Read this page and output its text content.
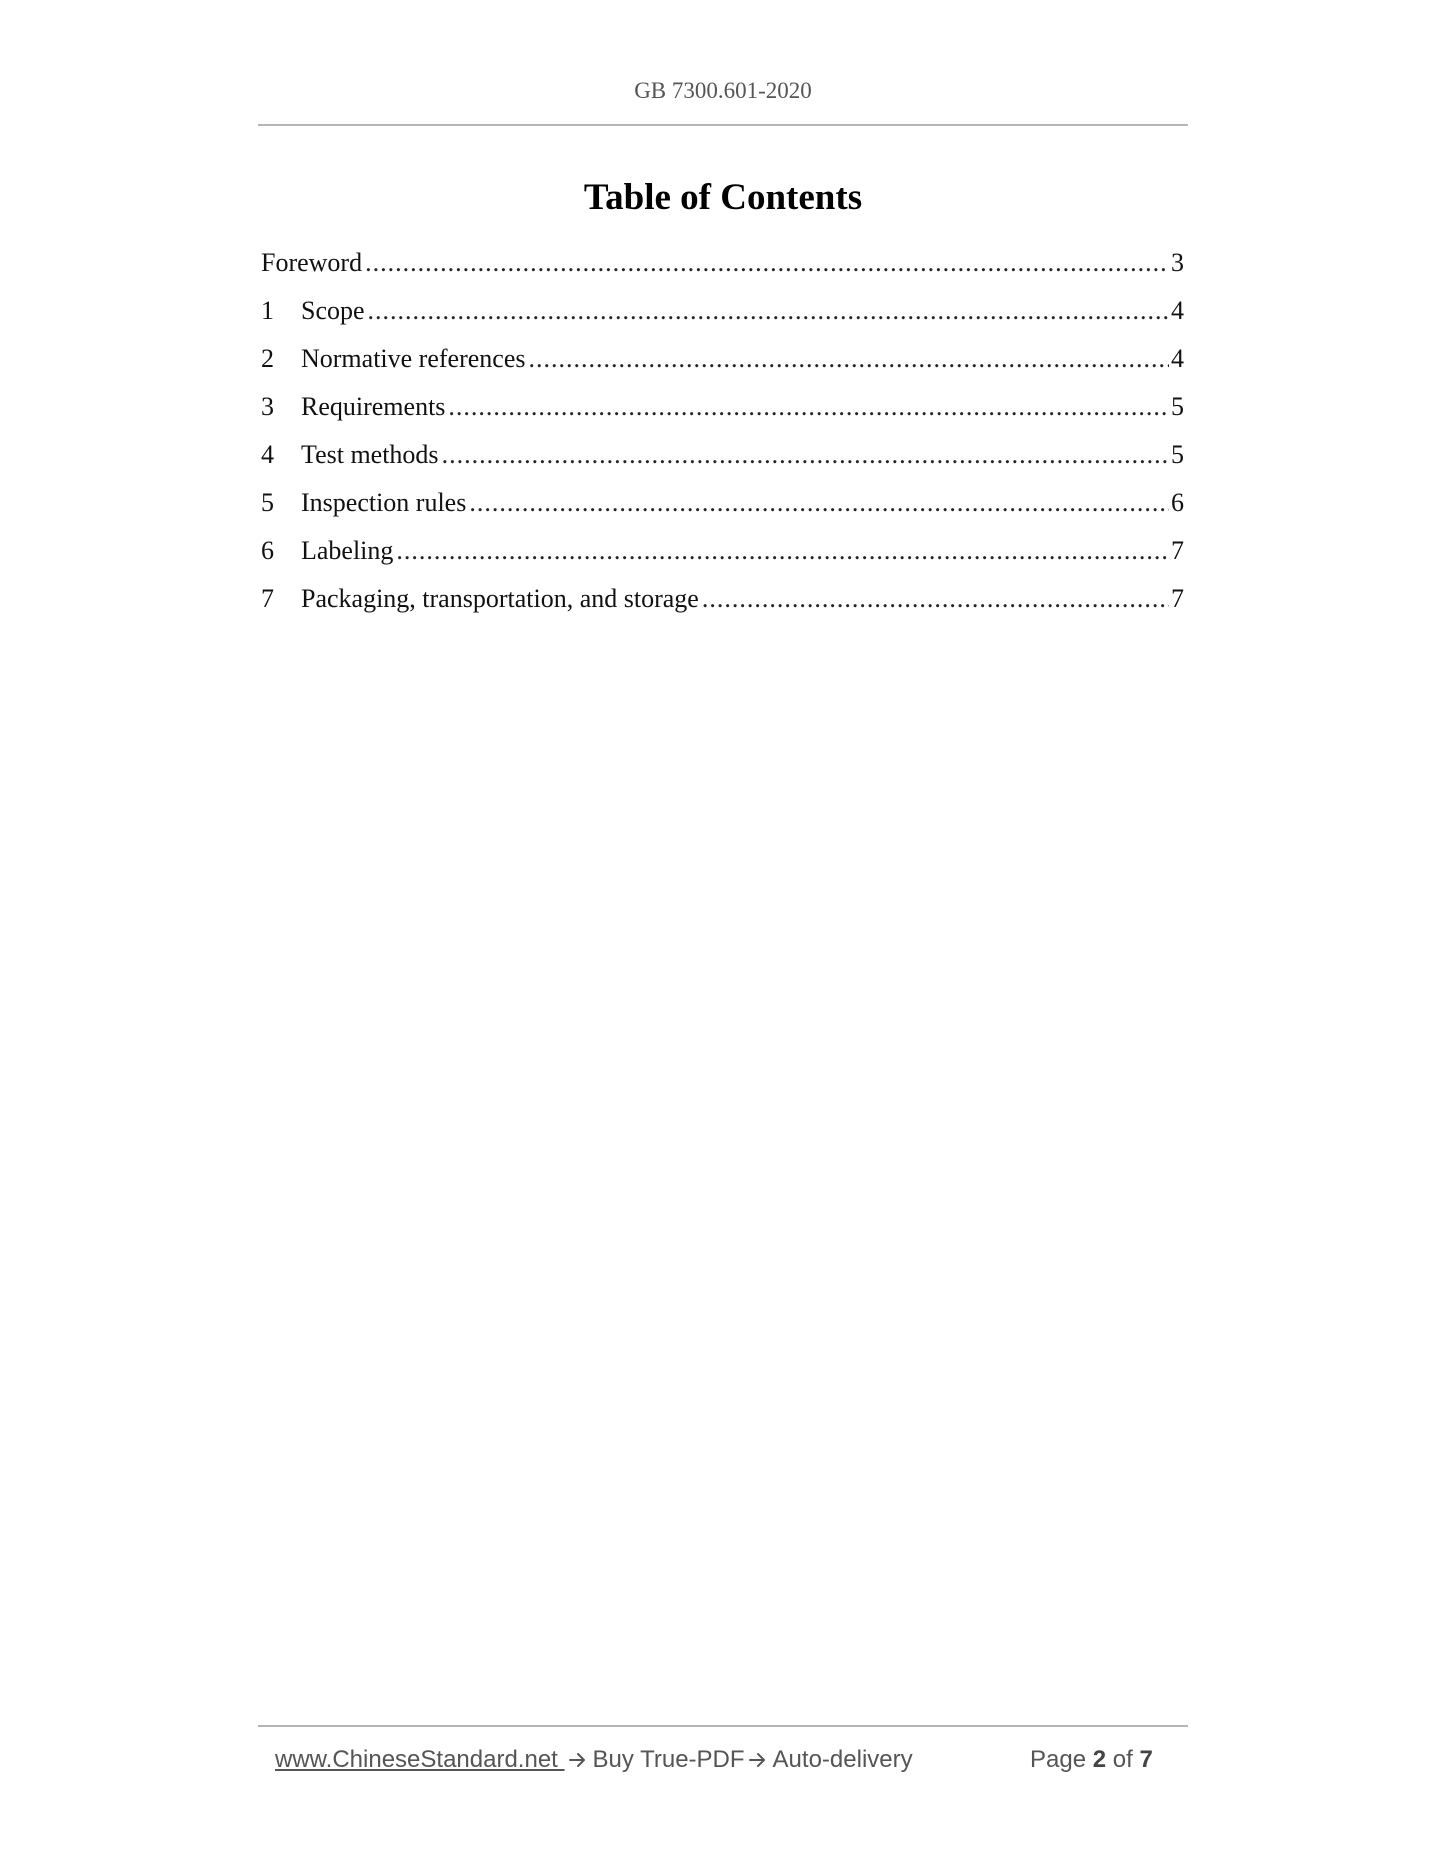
GB 7300.601-2020
Table of Contents
Foreword .....	3
1	Scope .....	4
2	Normative references .....	4
3	Requirements .....	5
4	Test methods .....	5
5	Inspection rules .....	6
6	Labeling .....	7
7	Packaging, transportation, and storage .....	7
www.ChineseStandard.net Buy True-PDF Auto-delivery	Page 2 of 7
